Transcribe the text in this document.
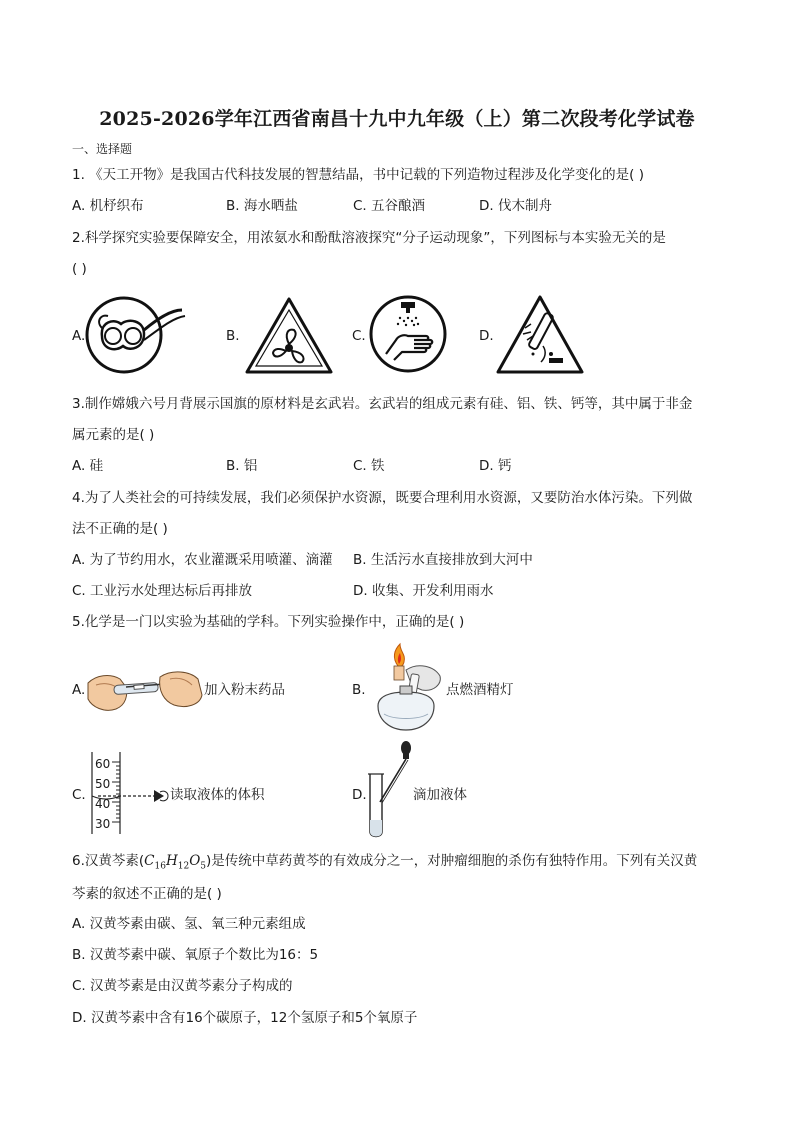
2025-2026学年江西省南昌十九中九年级（上）第二次段考化学试卷
一、选择题
1. 《天工开物》是我国古代科技发展的智慧结晶，书中记载的下列造物过程涉及化学变化的是( )
A. 机杼织布	B. 海水晒盐	C. 五谷酿酒	D. 伐木制舟
2.科学探究实验要保障安全，用浓氨水和酚酞溶液探究“分子运动现象”，下列图标与本实验无关的是
( )
A.	B.	C.	D.
3.制作嫦娥六号月背展示国旗的原材料是玄武岩。玄武岩的组成元素有硅、铝、铁、钙等，其中属于非金
属元素的是( )
A. 硅	B. 铝	C. 铁	D. 钙
4.为了人类社会的可持续发展，我们必须保护水资源，既要合理利用水资源，又要防治水体污染。下列做
法不正确的是( )
A. 为了节约用水，农业灌溉采用喷灌、滴灌 B. 生活污水直接排放到大河中
C. 工业污水处理达标后再排放	D. 收集、开发利用雨水
5.化学是一门以实验为基础的学科。下列实验操作中，正确的是( )
A.	加入粉末药品	B.	点燃酒精灯
C.
60
50
40
30
读取液体的体积	D.	滴加液体
6.汉黄芩素$(C_{16}H_{12}O_5)$是传统中草药黄芩的有效成分之一，对肿瘤细胞的杀伤有独特作用。下列有关汉黄
芩素的叙述不正确的是( )
A. 汉黄芩素由碳、氢、氧三种元素组成
B. 汉黄芩素中碳、氧原子个数比为16：5
C. 汉黄芩素是由汉黄芩素分子构成的
D. 汉黄芩素中含有16个碳原子，12个氢原子和5个氧原子
